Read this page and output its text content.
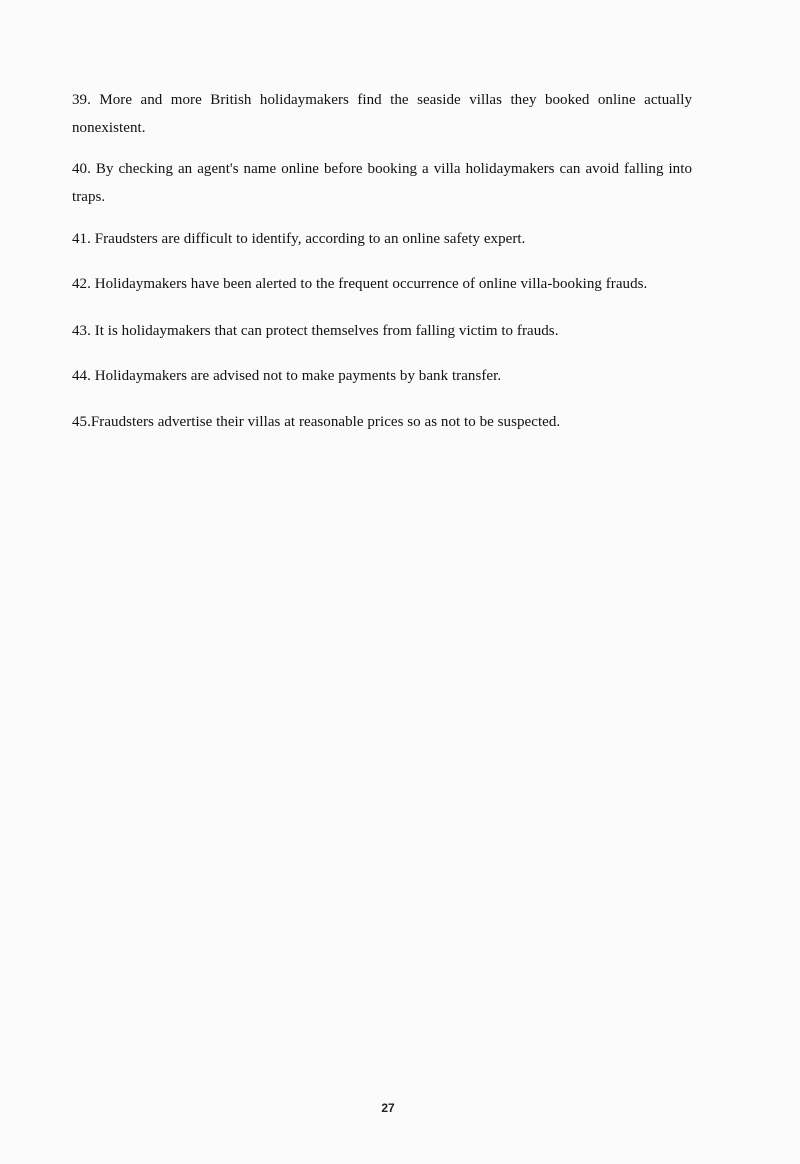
39. More and more British holidaymakers find the seaside villas they booked online actually nonexistent.
40. By checking an agent's name online before booking a villa holidaymakers can avoid falling into traps.
41. Fraudsters are difficult to identify, according to an online safety expert.
42. Holidaymakers have been alerted to the frequent occurrence of online villa-booking frauds.
43. It is holidaymakers that can protect themselves from falling victim to frauds.
44. Holidaymakers are advised not to make payments by bank transfer.
45.Fraudsters advertise their villas at reasonable prices so as not to be suspected.
27
